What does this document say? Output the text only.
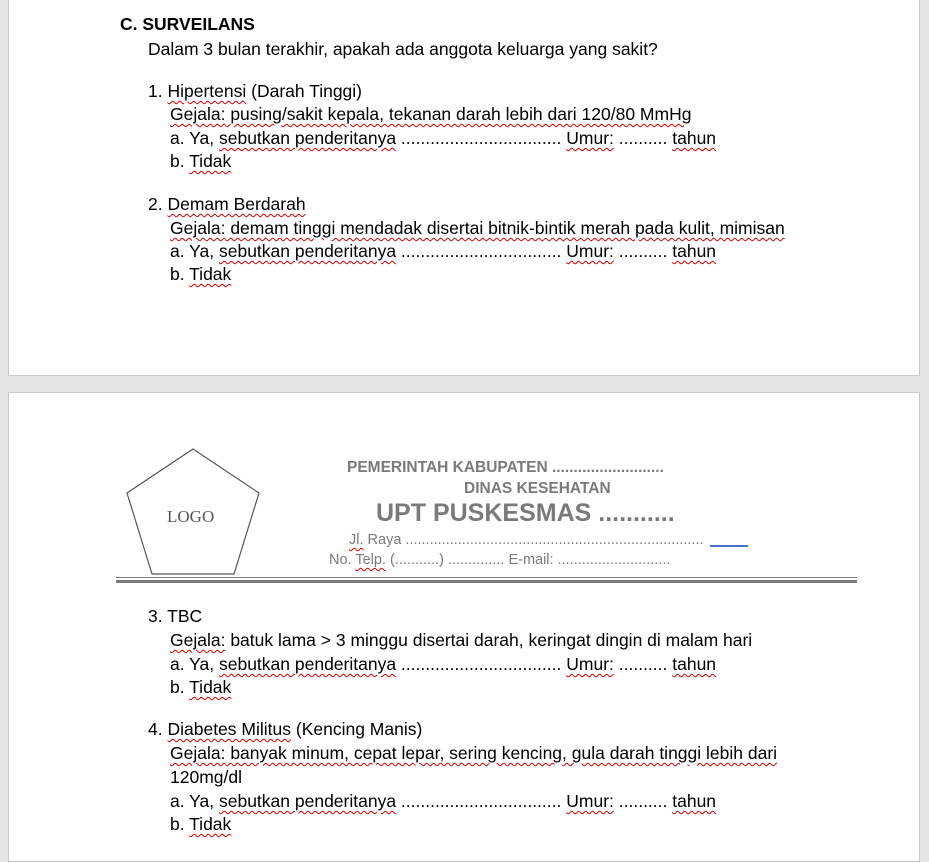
C. SURVEILANS
Dalam 3 bulan terakhir, apakah ada anggota keluarga yang sakit?
1. Hipertensi (Darah Tinggi)
Gejala: pusing/sakit kepala, tekanan darah lebih dari 120/80 MmHg
a. Ya, sebutkan penderitanya ................................. Umur: .......... tahun
b. Tidak
2. Demam Berdarah
Gejala: demam tinggi mendadak disertai bitnik-bintik merah pada kulit, mimisan
a. Ya, sebutkan penderitanya ................................. Umur: .......... tahun
b. Tidak
LOGO
PEMERINTAH KABUPATEN ..........................
DINAS KESEHATAN
UPT PUSKESMAS ...........
Jl. Raya ..........................................................................
No. Telp. (...........) .............. E-mail: ............................
3. TBC
Gejala: batuk lama > 3 minggu disertai darah, keringat dingin di malam hari
a. Ya, sebutkan penderitanya ................................. Umur: .......... tahun
b. Tidak
4. Diabetes Militus (Kencing Manis)
Gejala: banyak minum, cepat lepar, sering kencing, gula darah tinggi lebih dari
120mg/dl
a. Ya, sebutkan penderitanya ................................. Umur: .......... tahun
b. Tidak
